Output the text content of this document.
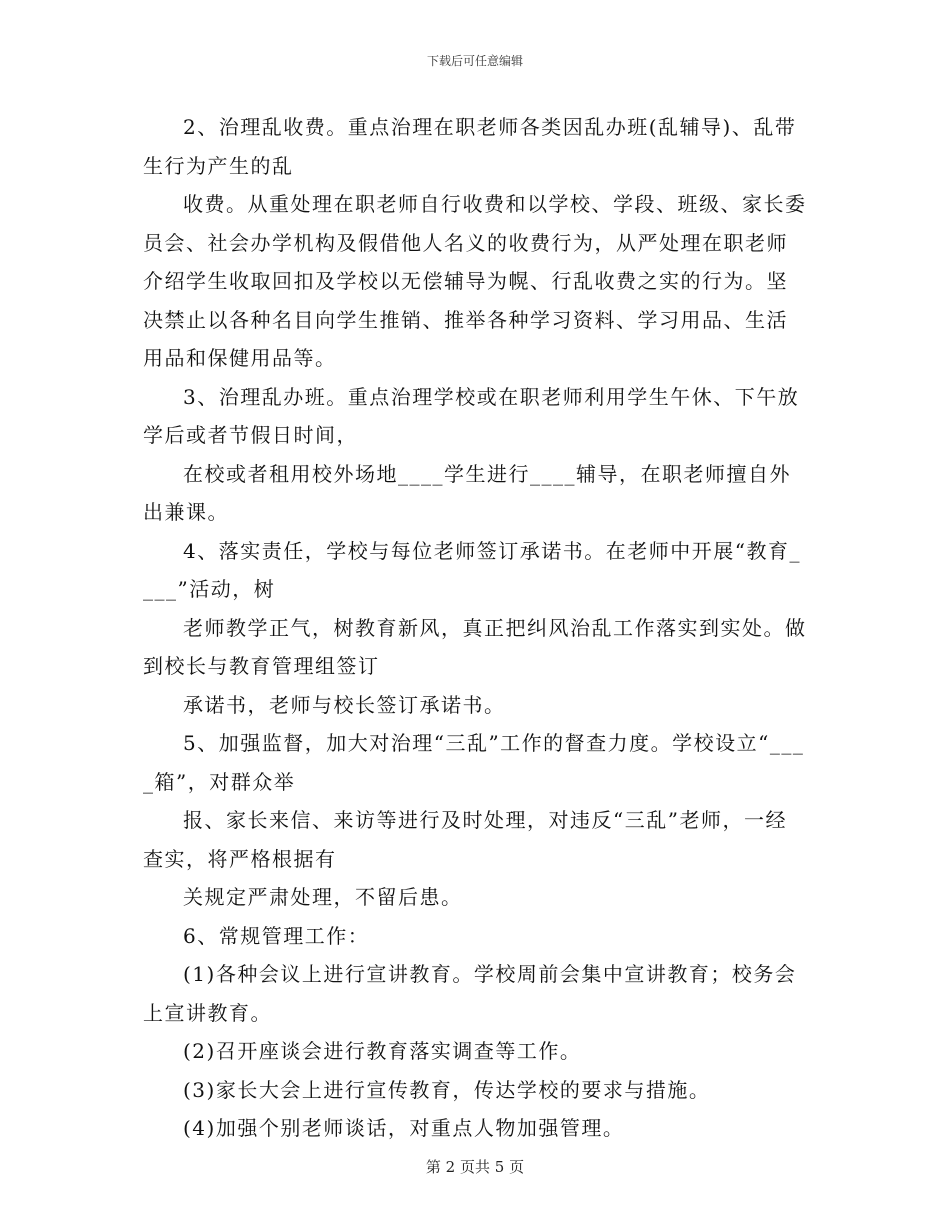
下载后可任意编辑

2、治理乱收费。重点治理在职老师各类因乱办班(乱辅导)、乱带生行为产生的乱

收费。从重处理在职老师自行收费和以学校、学段、班级、家长委员会、社会办学机构及假借他人名义的收费行为，从严处理在职老师介绍学生收取回扣及学校以无偿辅导为幌、行乱收费之实的行为。坚决禁止以各种名目向学生推销、推举各种学习资料、学习用品、生活用品和保健用品等。

3、治理乱办班。重点治理学校或在职老师利用学生午休、下午放学后或者节假日时间，

在校或者租用校外场地____学生进行____辅导，在职老师擅自外出兼课。

4、落实责任，学校与每位老师签订承诺书。在老师中开展“教育____”活动，树

老师教学正气，树教育新风，真正把纠风治乱工作落实到实处。做到校长与教育管理组签订

承诺书，老师与校长签订承诺书。

5、加强监督，加大对治理“三乱”工作的督查力度。学校设立“____箱”，对群众举

报、家长来信、来访等进行及时处理，对违反“三乱”老师，一经查实，将严格根据有

关规定严肃处理，不留后患。

6、常规管理工作：

(1)各种会议上进行宣讲教育。学校周前会集中宣讲教育；校务会上宣讲教育。

(2)召开座谈会进行教育落实调查等工作。

(3)家长大会上进行宣传教育，传达学校的要求与措施。

(4)加强个别老师谈话，对重点人物加强管理。

第 2 页共 5 页
